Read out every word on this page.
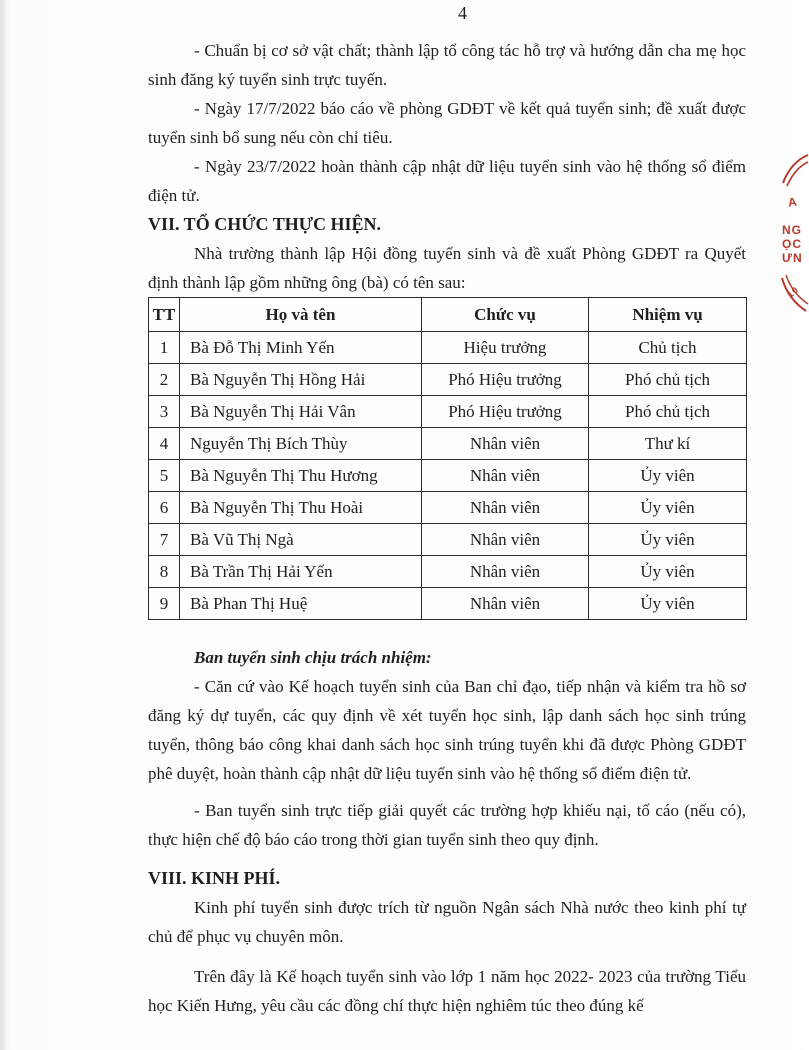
4
A
NG
ỌC
ƯN
10

- Chuẩn bị cơ sở vật chất; thành lập tổ công tác hỗ trợ và hướng dẫn cha mẹ học sinh đăng ký tuyển sinh trực tuyến.

- Ngày 17/7/2022 báo cáo về phòng GDĐT về kết quả tuyển sinh; đề xuất được tuyển sinh bổ sung nếu còn chỉ tiêu.

- Ngày 23/7/2022 hoàn thành cập nhật dữ liệu tuyển sinh vào hệ thống sổ điểm điện tử.

VII. TỔ CHỨC THỰC HIỆN.

Nhà trường thành lập Hội đồng tuyển sinh và đề xuất Phòng GDĐT ra Quyết định thành lập gồm những ông (bà) có tên sau:

TT	Họ và tên	Chức vụ	Nhiệm vụ
1	Bà Đỗ Thị Minh Yến	Hiệu trưởng	Chủ tịch
2	Bà Nguyễn Thị Hồng Hải	Phó Hiệu trưởng	Phó chủ tịch
3	Bà Nguyễn Thị Hải Vân	Phó Hiệu trưởng	Phó chủ tịch
4	Nguyễn Thị Bích Thùy	Nhân viên	Thư kí
5	Bà Nguyễn Thị Thu Hương	Nhân viên	Ủy viên
6	Bà Nguyễn Thị Thu Hoài	Nhân viên	Ủy viên
7	Bà Vũ Thị Ngà	Nhân viên	Ủy viên
8	Bà Trần Thị Hải Yến	Nhân viên	Ủy viên
9	Bà Phan Thị Huệ	Nhân viên	Ủy viên

Ban tuyển sinh chịu trách nhiệm:

- Căn cứ vào Kế hoạch tuyển sinh của Ban chỉ đạo, tiếp nhận và kiểm tra hồ sơ đăng ký dự tuyển, các quy định về xét tuyển học sinh, lập danh sách học sinh trúng tuyển, thông báo công khai danh sách học sinh trúng tuyển khi đã được Phòng GDĐT phê duyệt, hoàn thành cập nhật dữ liệu tuyển sinh vào hệ thống sổ điểm điện tử.

- Ban tuyển sinh trực tiếp giải quyết các trường hợp khiếu nại, tố cáo (nếu có), thực hiện chế độ báo cáo trong thời gian tuyển sinh theo quy định.

VIII. KINH PHÍ.

Kinh phí tuyển sinh được trích từ nguồn Ngân sách Nhà nước theo kinh phí tự chủ để phục vụ chuyên môn.

Trên đây là Kế hoạch tuyển sinh vào lớp 1 năm học 2022- 2023 của trường Tiểu học Kiến Hưng, yêu cầu các đồng chí thực hiện nghiêm túc theo đúng kế
